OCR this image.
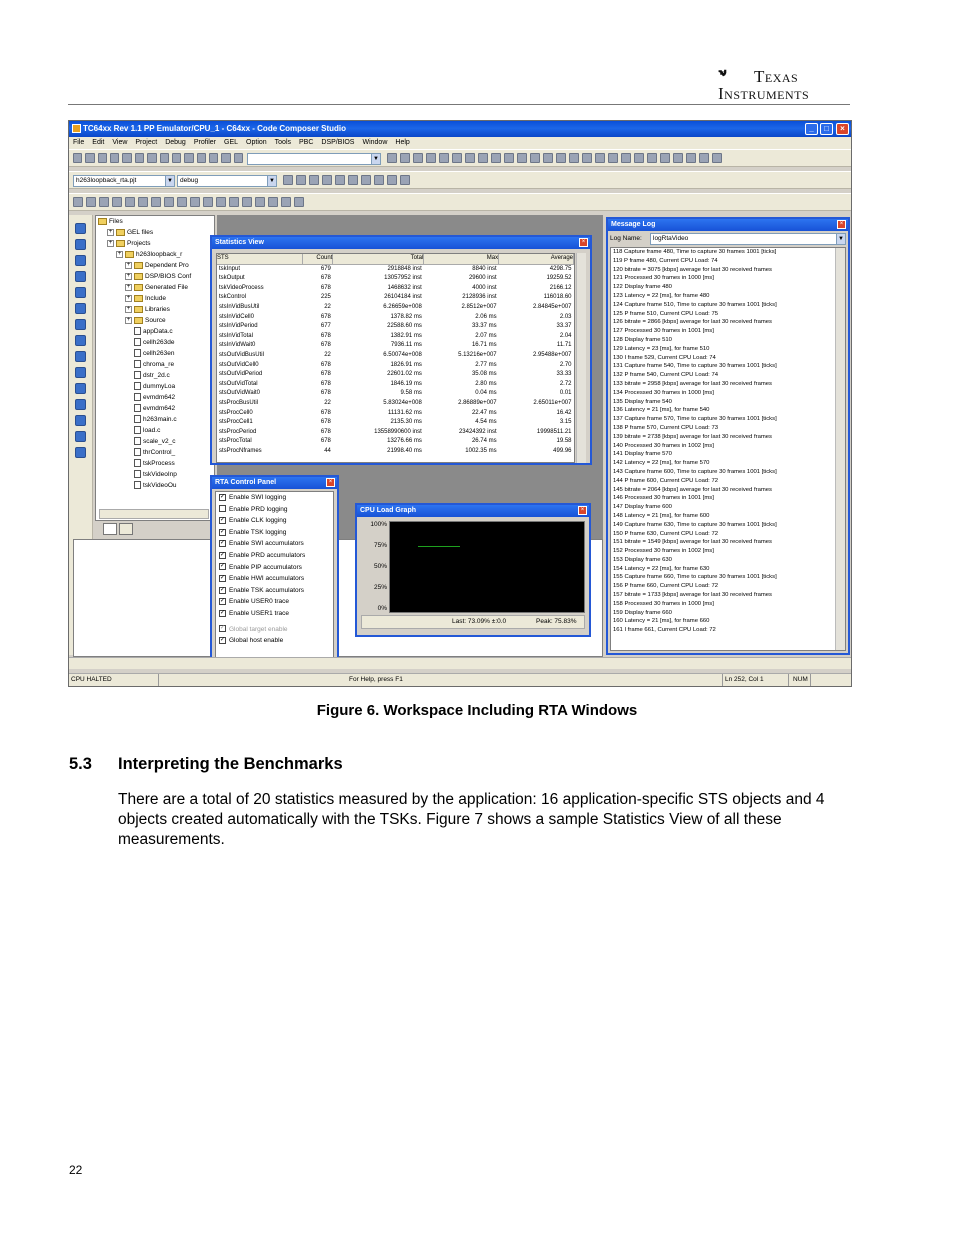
Texas
Instruments
TC64xx Rev 1.1 PP Emulator/CPU_1 - C64xx - Code Composer Studio	_	□	×
File Edit View Project Debug Profiler GEL Option Tools PBC DSP/BIOS Window Help
▼
h263loopback_rta.pjt	▼	debug	▼
Files
+ GEL files
+ Projects
+ h263loopback_r
+ Dependent Pro
+ DSP/BIOS Conf
+ Generated File
+ Include
+ Libraries
+ Source
appData.c
cellh263de
cellh263en
chroma_re
dstr_2d.c
dummyLoa
evmdm642
evmdm642
h263main.c
load.c
scale_v2_c
thrControl_
tskProcess
tskVideoInp
tskVideoOu
Statistics View	×
STS	Count	Total	Max	Average
tskInput	679	2918848 inst	8840 inst	4298.75
tskOutput	678	13057952 inst	29600 inst	19259.52
tskVideoProcess	678	1468632 inst	4000 inst	2166.12
tskControl	225	26104184 inst	2128936 inst	116018.60
stsInVidBusUtil	22	6.26659e+008	2.8512e+007	2.84845e+007
stsInVidCell0	678	1378.82 ms	2.06 ms	2.03
stsInVidPeriod	677	22588.60 ms	33.37 ms	33.37
stsInVidTotal	678	1382.91 ms	2.07 ms	2.04
stsInVidWait0	678	7936.11 ms	16.71 ms	11.71
stsOutVidBusUtil	22	6.50074e+008	5.13216e+007	2.95488e+007
stsOutVidCell0	678	1826.91 ms	2.77 ms	2.70
stsOutVidPeriod	678	22601.02 ms	35.08 ms	33.33
stsOutVidTotal	678	1846.19 ms	2.80 ms	2.72
stsOutVidWait0	678	9.58 ms	0.04 ms	0.01
stsProcBusUtil	22	5.83024e+008	2.86889e+007	2.65011e+007
stsProcCell0	678	11131.62 ms	22.47 ms	16.42
stsProcCell1	678	2135.30 ms	4.54 ms	3.15
stsProcPeriod	678	13558990600 inst	23424392 inst	19998511.21
stsProcTotal	678	13276.66 ms	26.74 ms	19.58
stsProcNframes	44	21998.40 ms	1002.35 ms	499.96
RTA Control Panel	×
✓ Enable SWI logging
Enable PRD logging
✓ Enable CLK logging
✓ Enable TSK logging
✓ Enable SWI accumulators
✓ Enable PRD accumulators
✓ Enable PIP accumulators
✓ Enable HWI accumulators
✓ Enable TSK accumulators
✓ Enable USER0 trace
✓ Enable USER1 trace
✓ Global target enable
✓ Global host enable
CPU Load Graph	×
100%
75%
50%
25%
0%
Last: 73.09% ±:0.0	Peak: 75.83%
Message Log	×
Log Name:	logRtaVideo	▼
118 Capture frame 480, Time to capture 30 frames 1001 [ticks]
119 P frame 480, Current CPU Load: 74
120 bitrate = 3075 [kbps] average for last 30 received frames
121 Processed 30 frames in 1000 [ms]
122 Display frame 480
123 Latency = 22 [ms], for frame 480
124 Capture frame 510, Time to capture 30 frames 1001 [ticks]
125 P frame 510, Current CPU Load: 75
126 bitrate = 2866 [kbps] average for last 30 received frames
127 Processed 30 frames in 1001 [ms]
128 Display frame 510
129 Latency = 23 [ms], for frame 510
130 I frame 529, Current CPU Load: 74
131 Capture frame 540, Time to capture 30 frames 1001 [ticks]
132 P frame 540, Current CPU Load: 74
133 bitrate = 2958 [kbps] average for last 30 received frames
134 Processed 30 frames in 1000 [ms]
135 Display frame 540
136 Latency = 21 [ms], for frame 540
137 Capture frame 570, Time to capture 30 frames 1001 [ticks]
138 P frame 570, Current CPU Load: 73
139 bitrate = 2738 [kbps] average for last 30 received frames
140 Processed 30 frames in 1002 [ms]
141 Display frame 570
142 Latency = 22 [ms], for frame 570
143 Capture frame 600, Time to capture 30 frames 1001 [ticks]
144 P frame 600, Current CPU Load: 72
145 bitrate = 2064 [kbps] average for last 30 received frames
146 Processed 30 frames in 1001 [ms]
147 Display frame 600
148 Latency = 21 [ms], for frame 600
149 Capture frame 630, Time to capture 30 frames 1001 [ticks]
150 P frame 630, Current CPU Load: 72
151 bitrate = 1549 [kbps] average for last 30 received frames
152 Processed 30 frames in 1002 [ms]
153 Display frame 630
154 Latency = 22 [ms], for frame 630
155 Capture frame 660, Time to capture 30 frames 1001 [ticks]
156 P frame 660, Current CPU Load: 72
157 bitrate = 1733 [kbps] average for last 30 received frames
158 Processed 30 frames in 1000 [ms]
159 Display frame 660
160 Latency = 21 [ms], for frame 660
161 I frame 661, Current CPU Load: 72
CPU HALTED	For Help, press F1	Ln 252, Col 1	NUM
Figure 6. Workspace Including RTA Windows
5.3 Interpreting the Benchmarks
There are a total of 20 statistics measured by the application: 16 application-specific STS objects and 4 objects created automatically with the TSKs. Figure 7 shows a sample Statistics View of all these measurements.
22
